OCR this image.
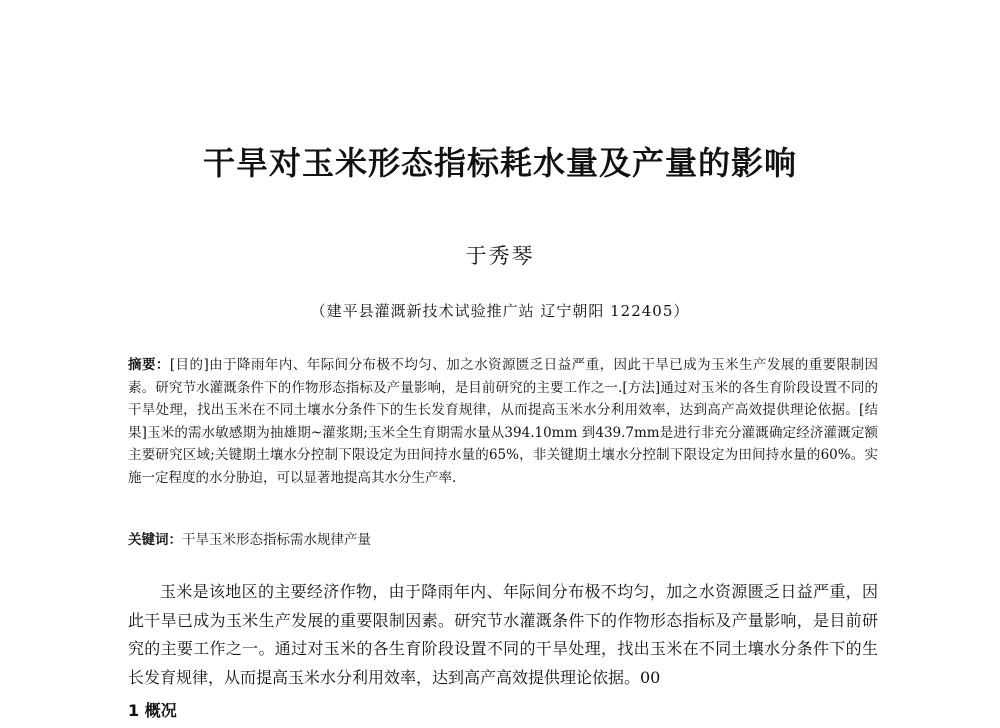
干旱对玉米形态指标耗水量及产量的影响
于秀琴
（建平县灌溉新技术试验推广站 辽宁朝阳 122405）
摘要：[目的]由于降雨年内、年际间分布极不均匀、加之水资源匮乏日益严重，因此干旱已成为玉米生产发展的重要限制因素。研究节水灌溉条件下的作物形态指标及产量影响，是目前研究的主要工作之一.[方法]通过对玉米的各生育阶段设置不同的干旱处理，找出玉米在不同土壤水分条件下的生长发育规律，从而提高玉米水分利用效率，达到高产高效提供理论依据。[结果]玉米的需水敏感期为抽雄期~灌浆期;玉米全生育期需水量从394.10mm 到439.7mm是进行非充分灌溉确定经济灌溉定额主要研究区域;关键期土壤水分控制下限设定为田间持水量的65%，非关键期土壤水分控制下限设定为田间持水量的60%。实施一定程度的水分胁迫，可以显著地提高其水分生产率.
关键词：干旱玉米形态指标需水规律产量
玉米是该地区的主要经济作物，由于降雨年内、年际间分布极不均匀，加之水资源匮乏日益严重，因此干旱已成为玉米生产发展的重要限制因素。研究节水灌溉条件下的作物形态指标及产量影响，是目前研究的主要工作之一。通过对玉米的各生育阶段设置不同的干旱处理，找出玉米在不同土壤水分条件下的生长发育规律，从而提高玉米水分利用效率，达到高产高效提供理论依据。00
1 概况
